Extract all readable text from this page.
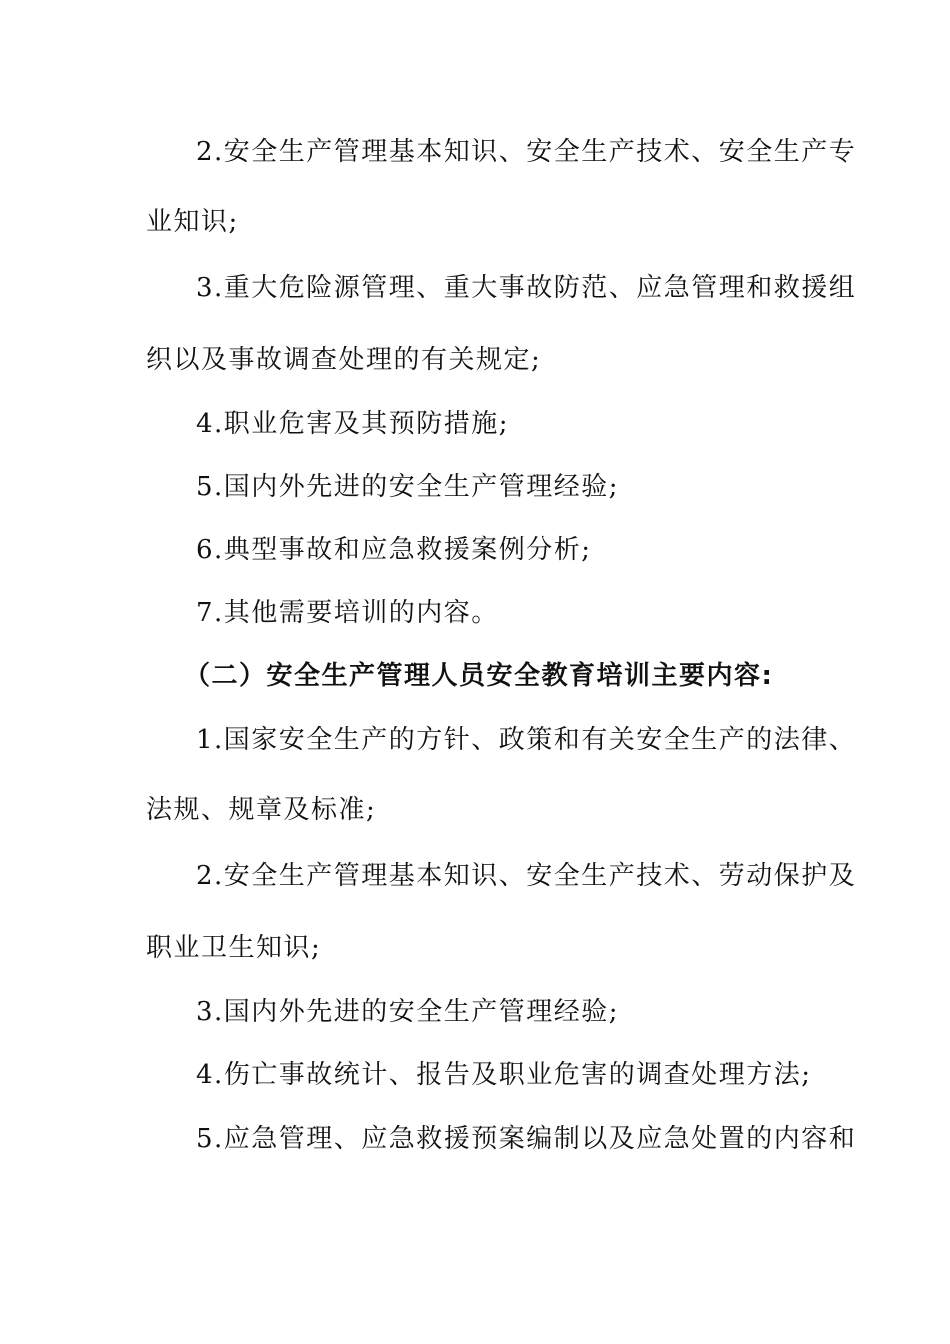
2.安全生产管理基本知识、安全生产技术、安全生产专

业知识;

3.重大危险源管理、重大事故防范、应急管理和救援组

织以及事故调查处理的有关规定;

4.职业危害及其预防措施;

5.国内外先进的安全生产管理经验;

6.典型事故和应急救援案例分析;

7.其他需要培训的内容。

（二）安全生产管理人员安全教育培训主要内容:

1.国家安全生产的方针、政策和有关安全生产的法律、

法规、规章及标准;

2.安全生产管理基本知识、安全生产技术、劳动保护及

职业卫生知识;

3.国内外先进的安全生产管理经验;

4.伤亡事故统计、报告及职业危害的调查处理方法;

5.应急管理、应急救援预案编制以及应急处置的内容和
